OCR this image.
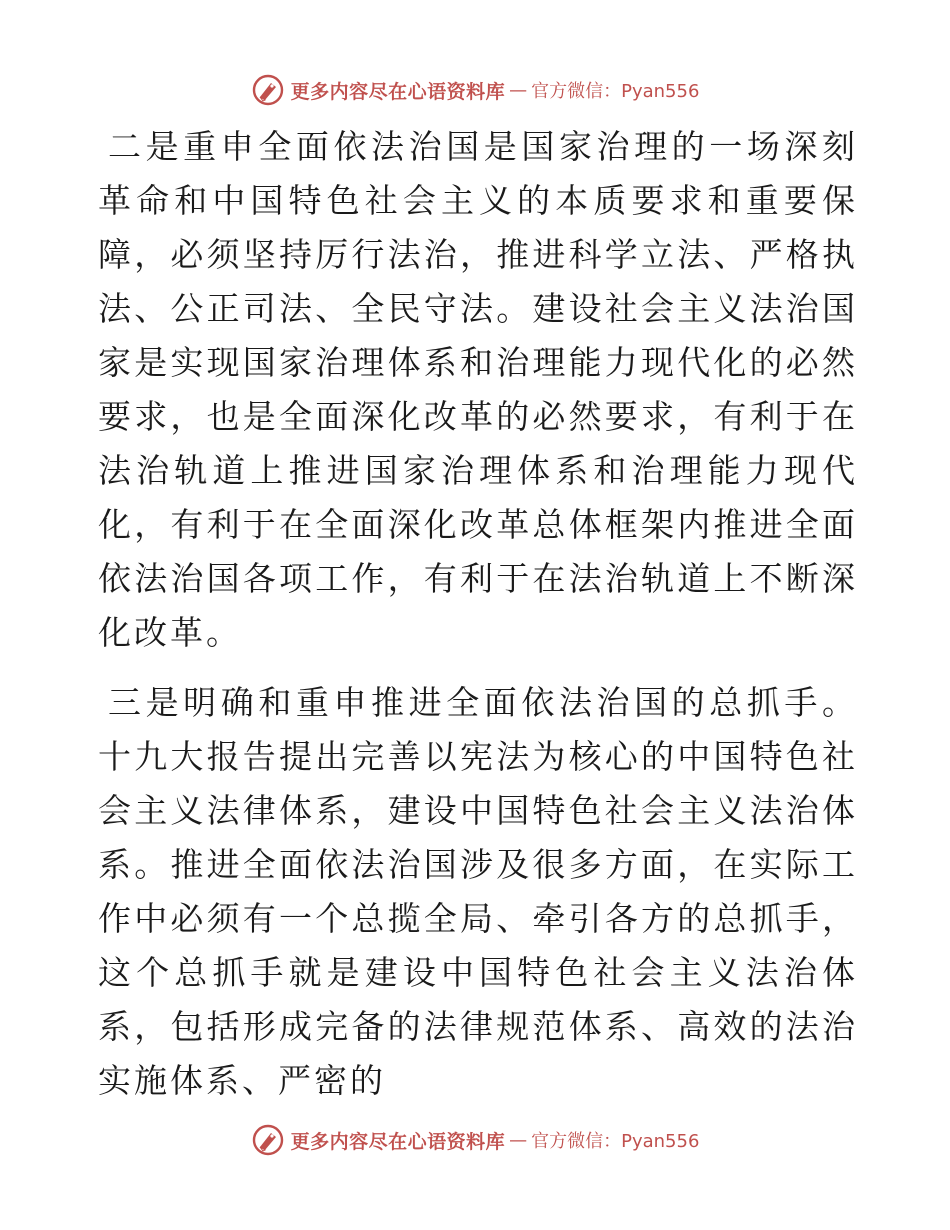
更多内容尽在心语资料库 — 官方微信：Pyan556

二是重申全面依法治国是国家治理的一场深刻革命和中国特色社会主义的本质要求和重要保障，必须坚持厉行法治，推进科学立法、严格执法、公正司法、全民守法。建设社会主义法治国家是实现国家治理体系和治理能力现代化的必然要求，也是全面深化改革的必然要求，有利于在法治轨道上推进国家治理体系和治理能力现代化，有利于在全面深化改革总体框架内推进全面依法治国各项工作，有利于在法治轨道上不断深化改革。

三是明确和重申推进全面依法治国的总抓手。十九大报告提出完善以宪法为核心的中国特色社会主义法律体系，建设中国特色社会主义法治体系。推进全面依法治国涉及很多方面，在实际工作中必须有一个总揽全局、牵引各方的总抓手，这个总抓手就是建设中国特色社会主义法治体系，包括形成完备的法律规范体系、高效的法治实施体系、严密的

更多内容尽在心语资料库 — 官方微信：Pyan556
